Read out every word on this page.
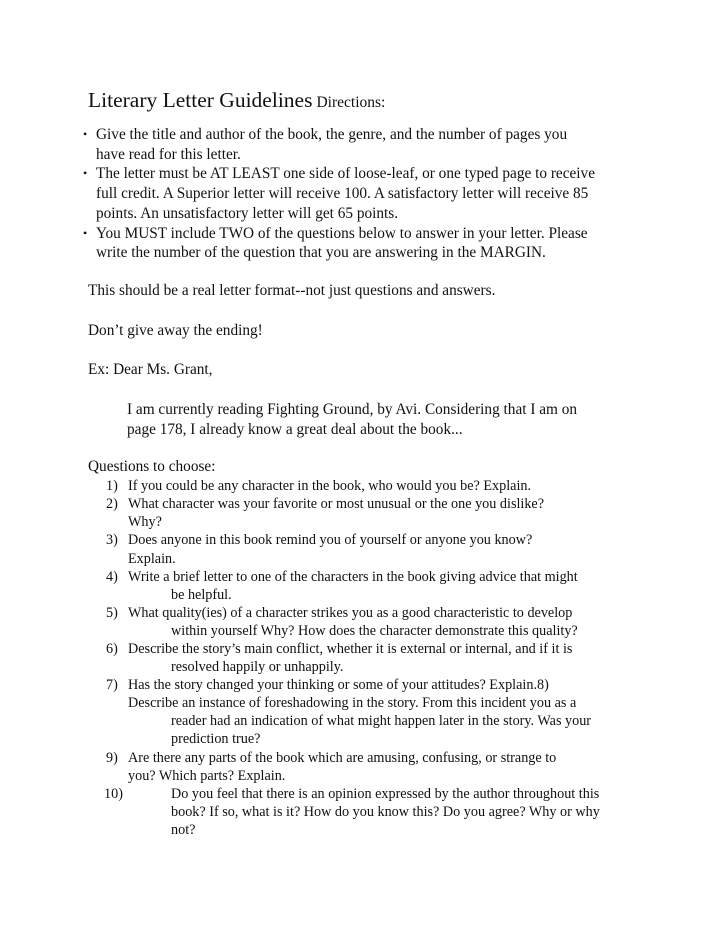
Literary Letter Guidelines Directions:

• Give the title and author of the book, the genre, and the number of pages you
have read for this letter.
• The letter must be AT LEAST one side of loose-leaf, or one typed page to receive
full credit. A Superior letter will receive 100. A satisfactory letter will receive 85
points. An unsatisfactory letter will get 65 points.
• You MUST include TWO of the questions below to answer in your letter. Please
write the number of the question that you are answering in the MARGIN.

This should be a real letter format--not just questions and answers.

Don’t give away the ending!

Ex: Dear Ms. Grant,

I am currently reading Fighting Ground, by Avi. Considering that I am on
page 178, I already know a great deal about the book...

Questions to choose:

1) If you could be any character in the book, who would you be? Explain.
2) What character was your favorite or most unusual or the one you dislike?
Why?
3) Does anyone in this book remind you of yourself or anyone you know?
Explain.
4) Write a brief letter to one of the characters in the book giving advice that might
be helpful.
5) What quality(ies) of a character strikes you as a good characteristic to develop
within yourself Why? How does the character demonstrate this quality?
6) Describe the story’s main conflict, whether it is external or internal, and if it is
resolved happily or unhappily.
7) Has the story changed your thinking or some of your attitudes? Explain.8)
Describe an instance of foreshadowing in the story. From this incident you as a
reader had an indication of what might happen later in the story. Was your
prediction true?
9) Are there any parts of the book which are amusing, confusing, or strange to
you? Which parts? Explain.
10)	Do you feel that there is an opinion expressed by the author throughout this
book? If so, what is it? How do you know this? Do you agree? Why or why
not?
